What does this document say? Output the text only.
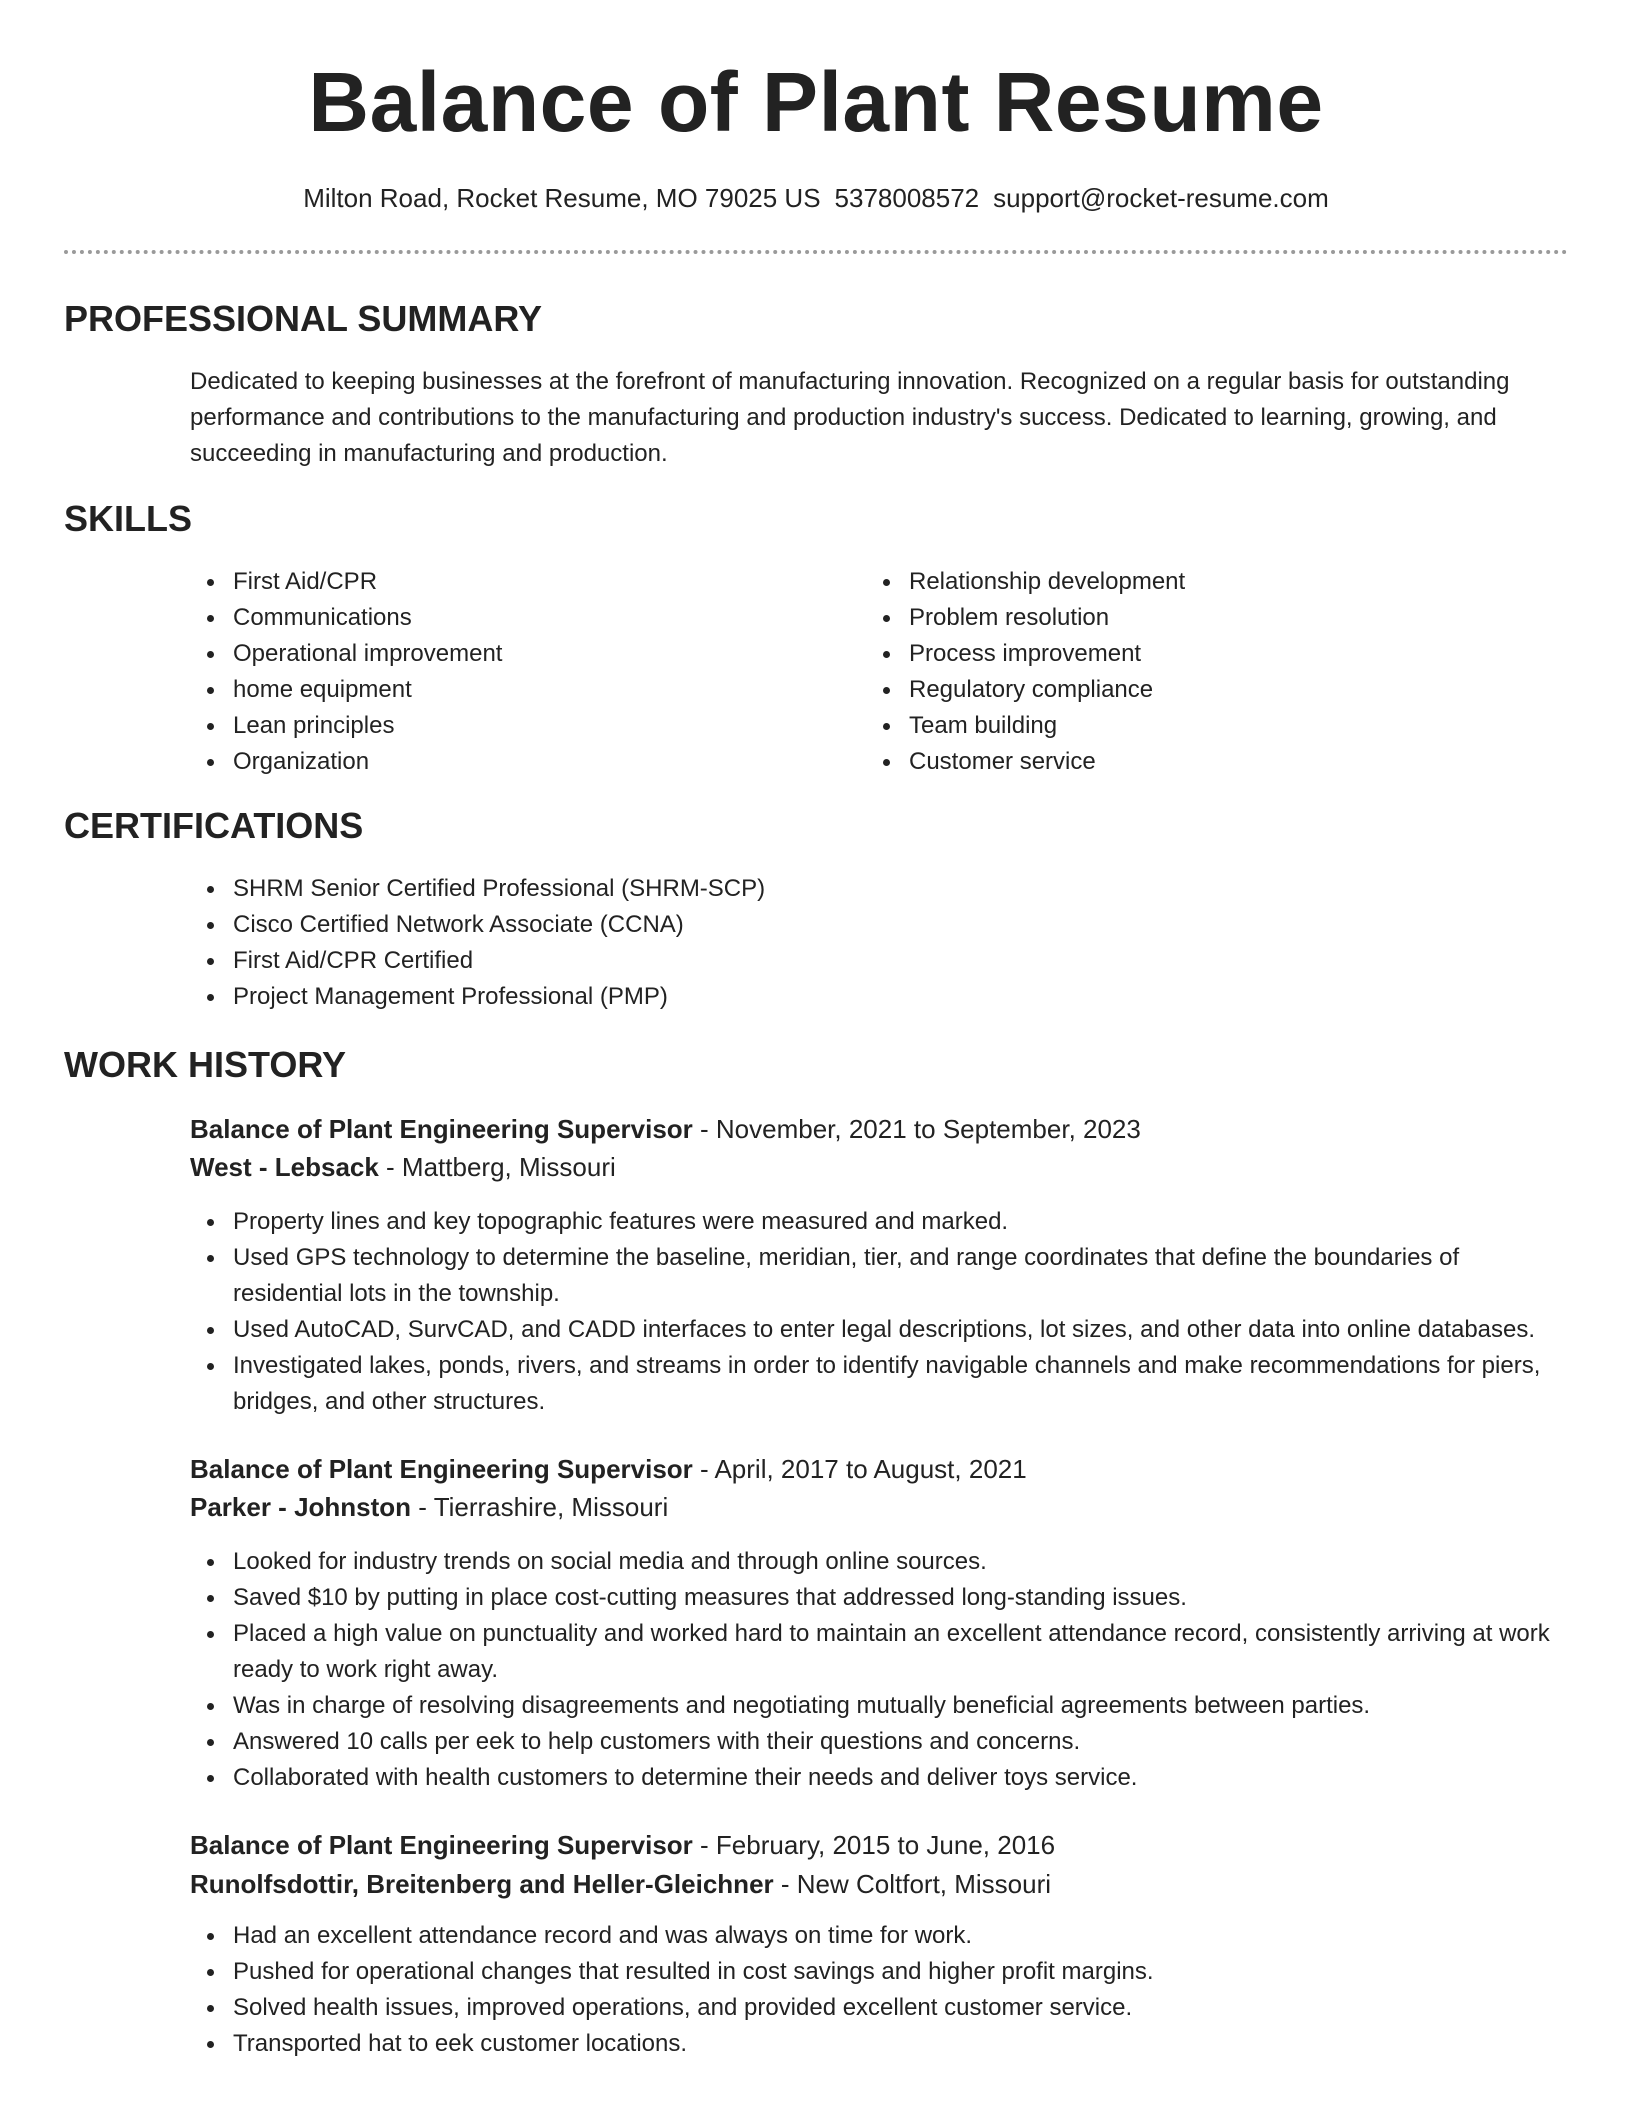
Balance of Plant Resume
Milton Road, Rocket Resume, MO 79025 US 5378008572 support@rocket-resume.com
PROFESSIONAL SUMMARY

Dedicated to keeping businesses at the forefront of manufacturing innovation. Recognized on a regular basis for outstanding performance and contributions to the manufacturing and production industry's success. Dedicated to learning, growing, and succeeding in manufacturing and production.

SKILLS
First Aid/CPR
Communications
Operational improvement
home equipment
Lean principles
Organization
Relationship development
Problem resolution
Process improvement
Regulatory compliance
Team building
Customer service
CERTIFICATIONS
SHRM Senior Certified Professional (SHRM-SCP)
Cisco Certified Network Associate (CCNA)
First Aid/CPR Certified
Project Management Professional (PMP)
WORK HISTORY
Balance of Plant Engineering Supervisor - November, 2021 to September, 2023
West - Lebsack - Mattberg, Missouri
Property lines and key topographic features were measured and marked.
Used GPS technology to determine the baseline, meridian, tier, and range coordinates that define the boundaries of residential lots in the township.
Used AutoCAD, SurvCAD, and CADD interfaces to enter legal descriptions, lot sizes, and other data into online databases.
Investigated lakes, ponds, rivers, and streams in order to identify navigable channels and make recommendations for piers, bridges, and other structures.
Balance of Plant Engineering Supervisor - April, 2017 to August, 2021
Parker - Johnston - Tierrashire, Missouri
Looked for industry trends on social media and through online sources.
Saved $10 by putting in place cost-cutting measures that addressed long-standing issues.
Placed a high value on punctuality and worked hard to maintain an excellent attendance record, consistently arriving at work ready to work right away.
Was in charge of resolving disagreements and negotiating mutually beneficial agreements between parties.
Answered 10 calls per eek to help customers with their questions and concerns.
Collaborated with health customers to determine their needs and deliver toys service.
Balance of Plant Engineering Supervisor - February, 2015 to June, 2016
Runolfsdottir, Breitenberg and Heller-Gleichner - New Coltfort, Missouri
Had an excellent attendance record and was always on time for work.
Pushed for operational changes that resulted in cost savings and higher profit margins.
Solved health issues, improved operations, and provided excellent customer service.
Transported hat to eek customer locations.
